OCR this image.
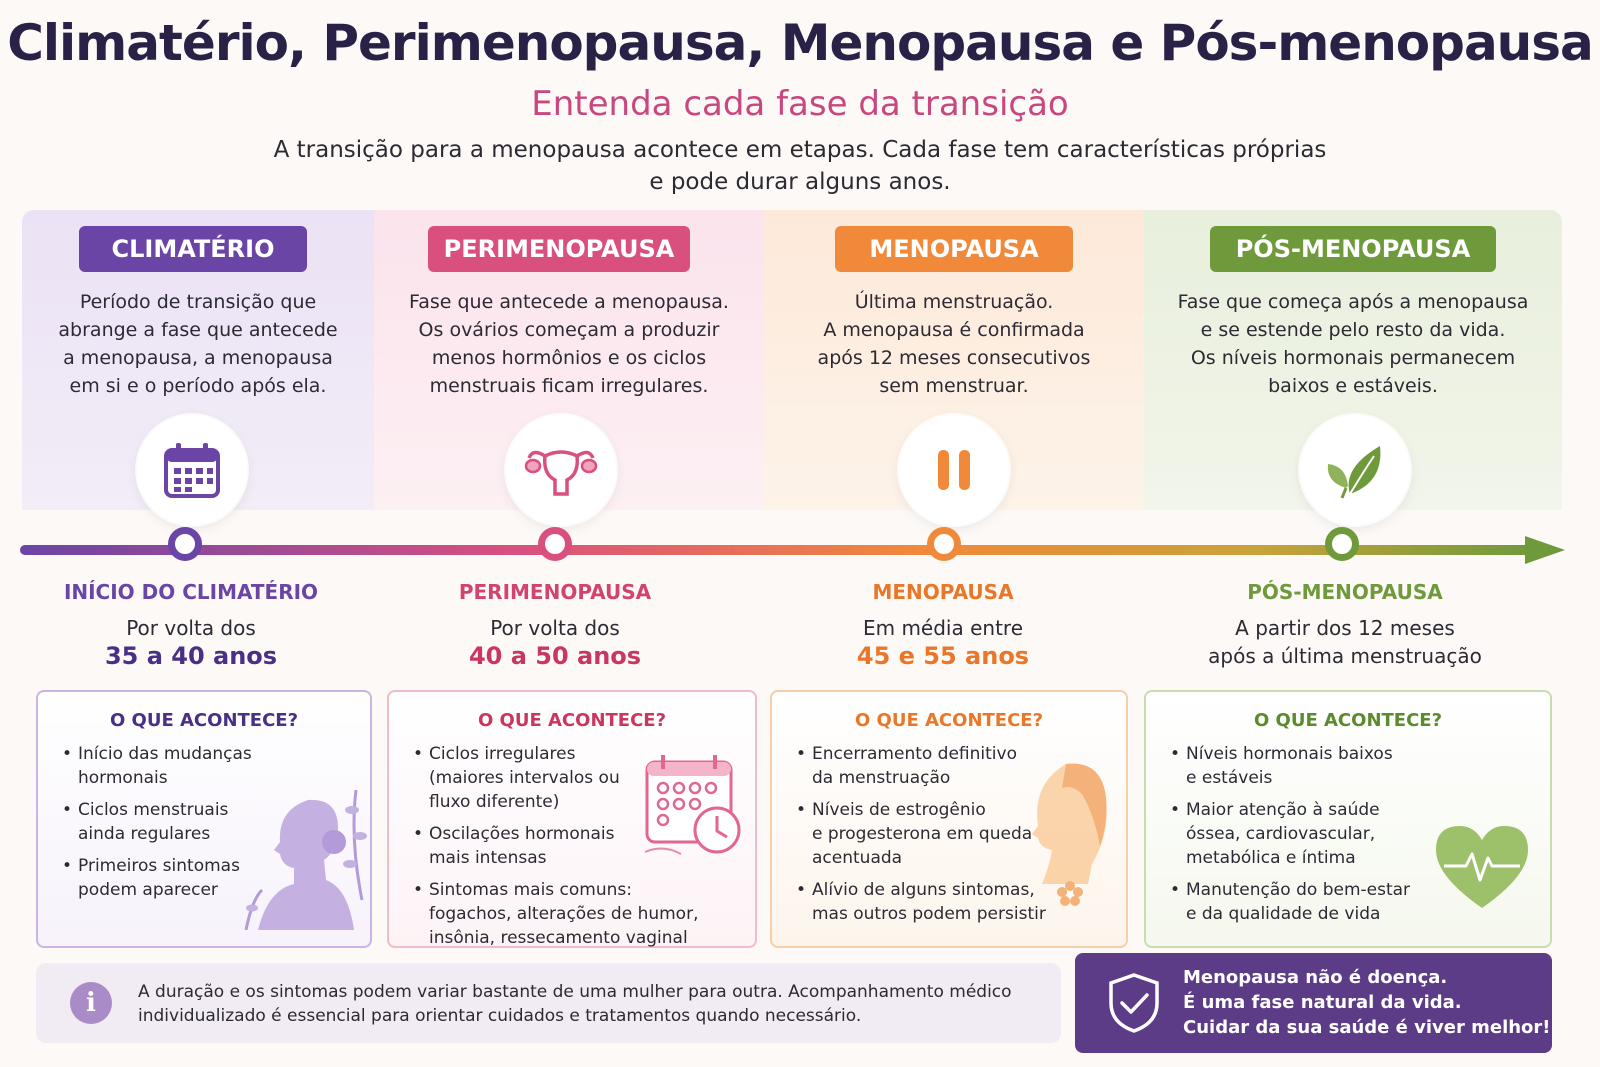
Climatério, Perimenopausa, Menopausa e Pós-menopausa
Entenda cada fase da transição
A transição para a menopausa acontece em etapas. Cada fase tem características próprias
e pode durar alguns anos.
CLIMATÉRIO
Período de transição que
abrange a fase que antecede
a menopausa, a menopausa
em si e o período após ela.
PERIMENOPAUSA
Fase que antecede a menopausa.
Os ovários começam a produzir
menos hormônios e os ciclos
menstruais ficam irregulares.
MENOPAUSA
Última menstruação.
A menopausa é confirmada
após 12 meses consecutivos
sem menstruar.
PÓS-MENOPAUSA
Fase que começa após a menopausa
e se estende pelo resto da vida.
Os níveis hormonais permanecem
baixos e estáveis.
INÍCIO DO CLIMATÉRIO
Por volta dos
35 a 40 anos
PERIMENOPAUSA
Por volta dos
40 a 50 anos
MENOPAUSA
Em média entre
45 e 55 anos
PÓS-MENOPAUSA
A partir dos 12 meses
após a última menstruação
O QUE ACONTECE?
• Início das mudanças
hormonais
• Ciclos menstruais
ainda regulares
• Primeiros sintomas
podem aparecer
O QUE ACONTECE?
• Ciclos irregulares
(maiores intervalos ou
fluxo diferente)
• Oscilações hormonais
mais intensas
• Sintomas mais comuns:
fogachos, alterações de humor,
insônia, ressecamento vaginal
O QUE ACONTECE?
• Encerramento definitivo
da menstruação
• Níveis de estrogênio
e progesterona em queda
acentuada
• Alívio de alguns sintomas,
mas outros podem persistir
O QUE ACONTECE?
• Níveis hormonais baixos
e estáveis
• Maior atenção à saúde
óssea, cardiovascular,
metabólica e íntima
• Manutenção do bem-estar
e da qualidade de vida
i	A duração e os sintomas podem variar bastante de uma mulher para outra. Acompanhamento médico
individualizado é essencial para orientar cuidados e tratamentos quando necessário.
Menopausa não é doença.
É uma fase natural da vida.
Cuidar da sua saúde é viver melhor!
